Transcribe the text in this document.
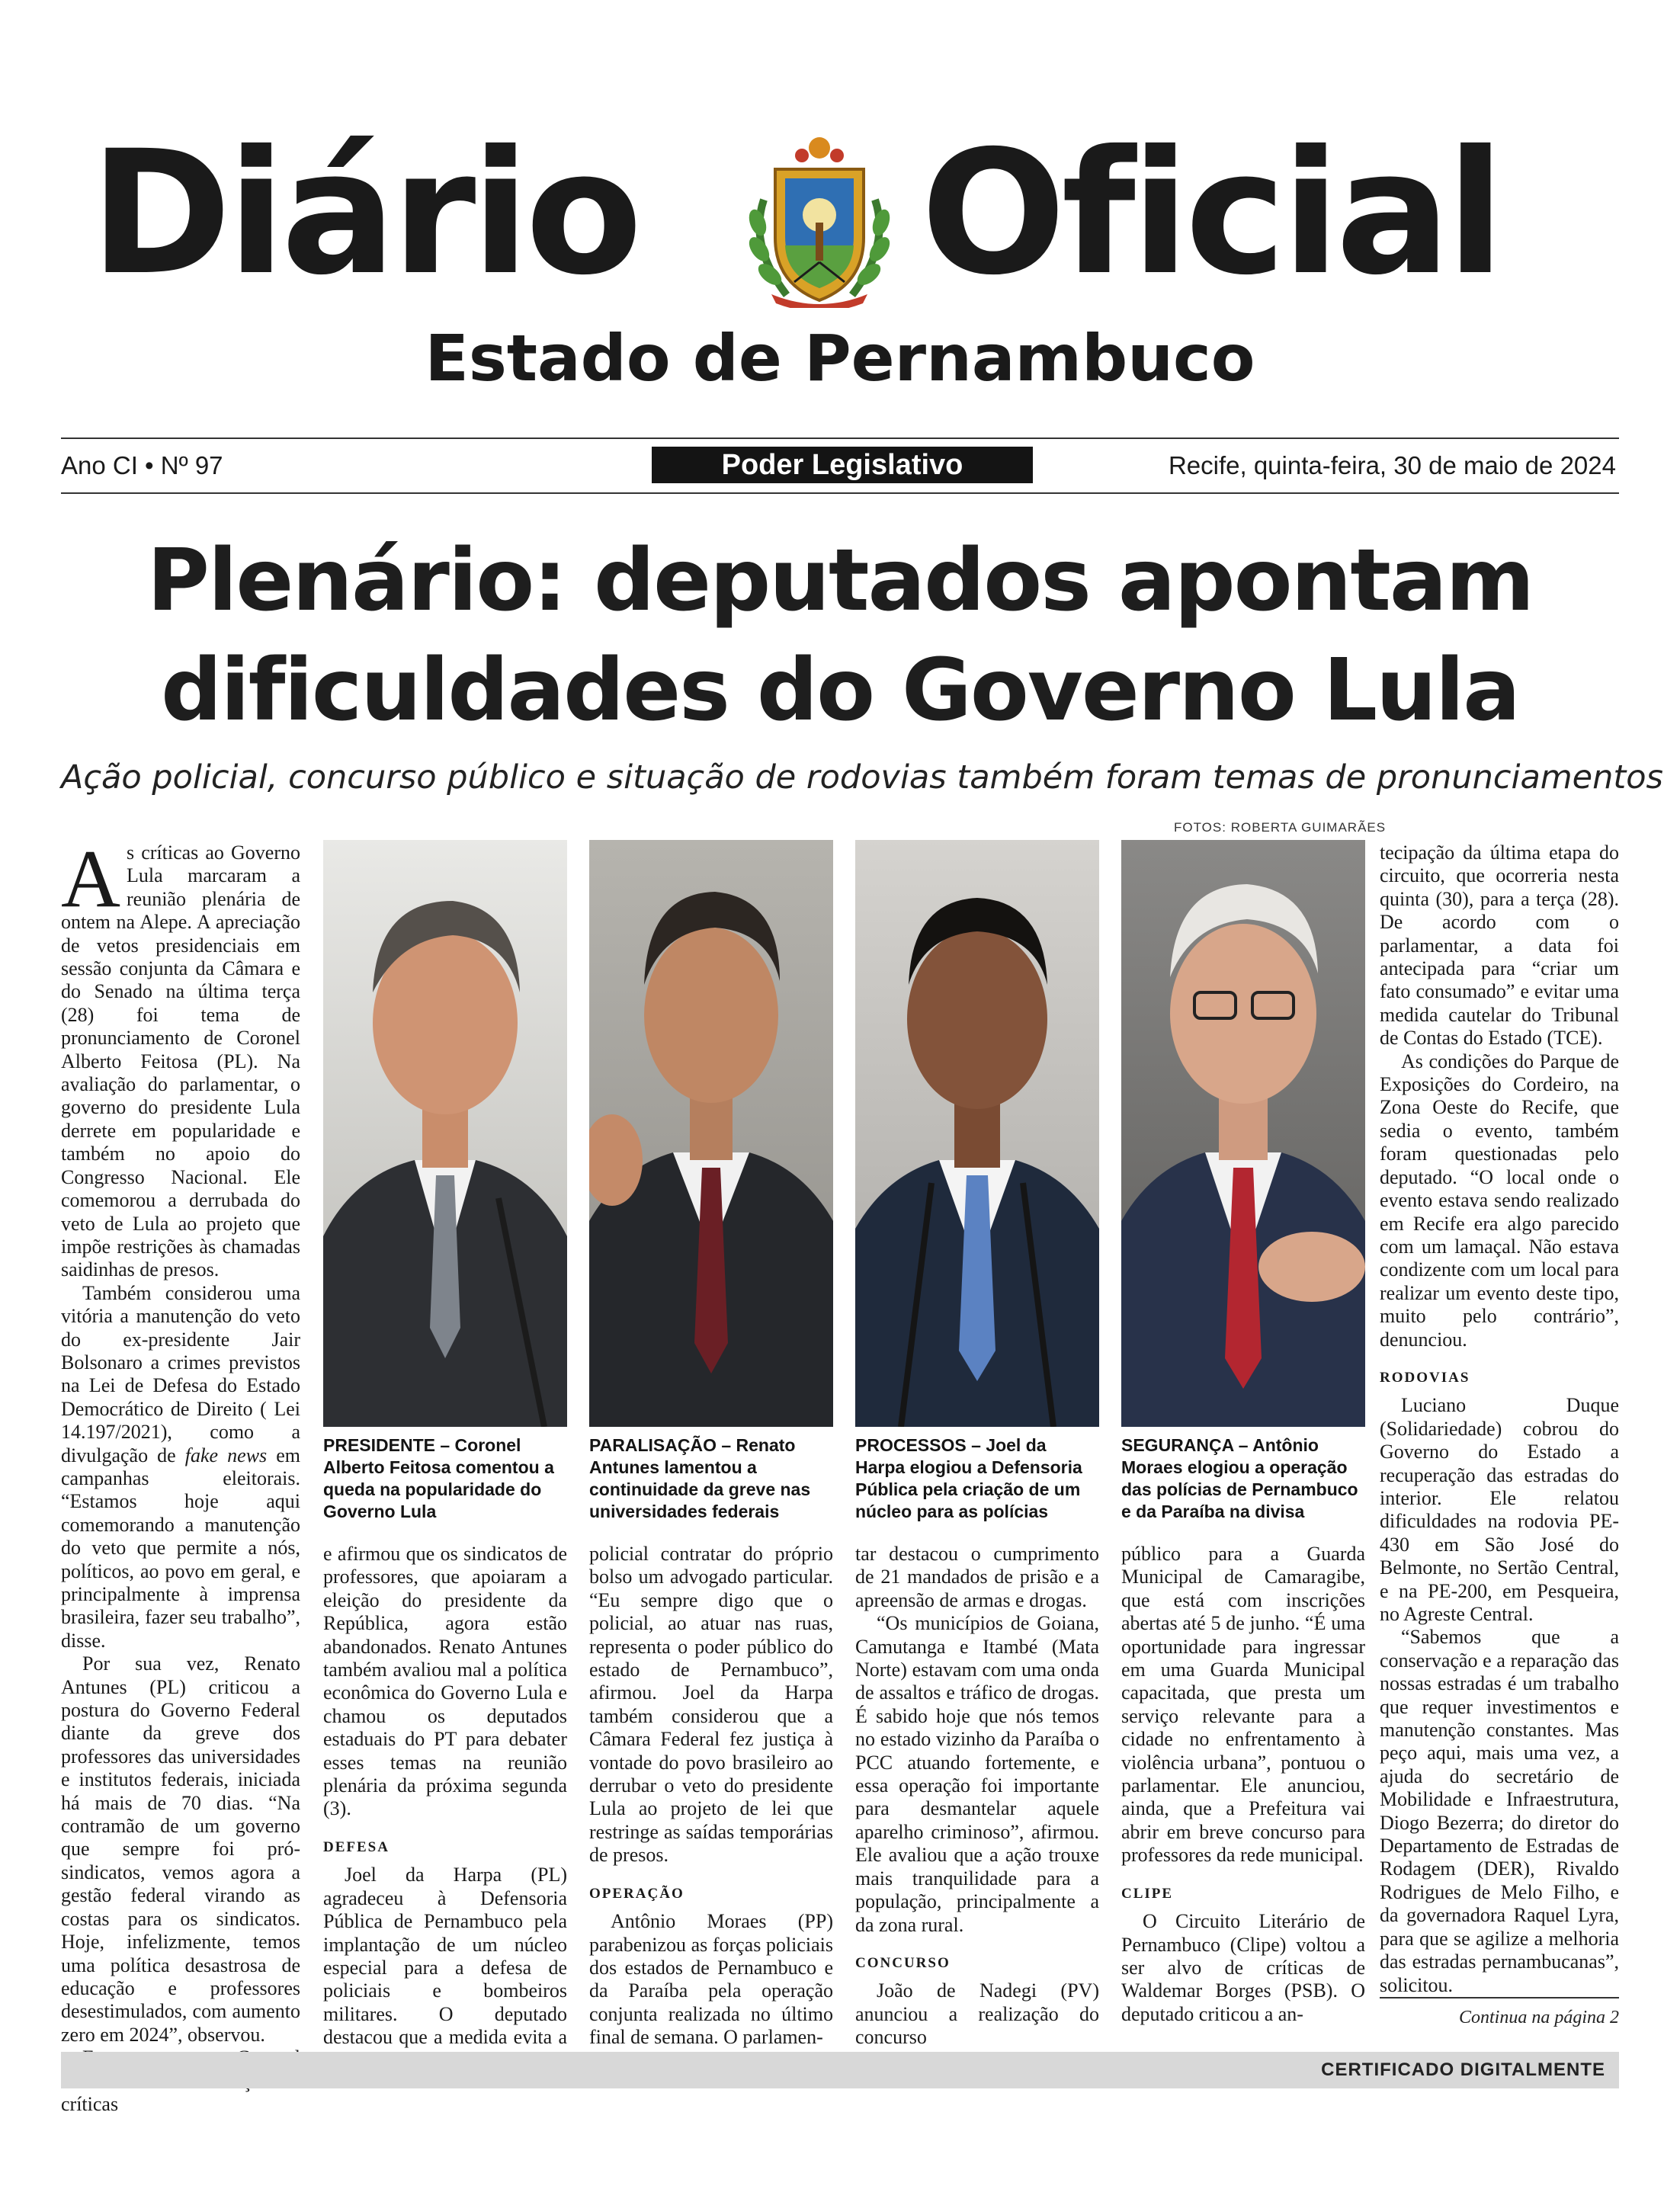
Diário Oficial
Estado de Pernambuco
Ano CI • Nº 97	Poder Legislativo	Recife, quinta-feira, 30 de maio de 2024
Plenário: deputados apontam
dificuldades do Governo Lula
Ação policial, concurso público e situação de rodovias também foram temas de pronunciamentos
FOTOS: ROBERTA GUIMARÃES

As críticas ao Governo Lula marcaram a reunião plenária de ontem na Alepe. A apreciação de vetos presidenciais em sessão conjunta da Câmara e do Senado na última terça (28) foi tema de pronunciamento de Coronel Alberto Feitosa (PL). Na avaliação do parlamentar, o governo do presidente Lula derrete em popularidade e também no apoio do Congresso Nacional. Ele comemorou a derrubada do veto de Lula ao projeto que impõe restrições às chamadas saidinhas de presos.

Também considerou uma vitória a manutenção do veto do ex-presidente Jair Bolsonaro a crimes previstos na Lei de Defesa do Estado Democrático de Direito ( Lei 14.197/2021), como a divulgação de fake news em campanhas eleitorais. “Estamos hoje aqui comemorando a manutenção do veto que permite a nós, políticos, ao povo em geral, e principalmente à imprensa brasileira, fazer seu trabalho”, disse.

Por sua vez, Renato Antunes (PL) criticou a postura do Governo Federal diante da greve dos professores das universidades e institutos federais, iniciada há mais de 70 dias. “Na contramão de um governo que sempre foi pró-sindicatos, vemos agora a gestão federal virando as costas para os sindicatos. Hoje, infelizmente, temos uma política desastrosa de educação e professores desestimulados, com aumento zero em 2024”, observou.

críticas

PRESIDENTE – Coronel Alberto Feitosa comentou a queda na popularidade do Governo Lula
PARALISAÇÃO – Renato Antunes lamentou a continuidade da greve nas universidades federais
PROCESSOS – Joel da Harpa elogiou a Defensoria Pública pela criação de um núcleo para as polícias
SEGURANÇA – Antônio Moraes elogiou a operação das polícias de Pernambuco e da Paraíba na divisa

e afirmou que os sindicatos de professores, que apoiaram a eleição do presidente da República, agora estão abandonados. Renato Antunes também avaliou mal a política econômica do Governo Lula e chamou os deputados estaduais do PT para debater esses temas na reunião plenária da próxima segunda (3).

DEFESA

Joel da Harpa (PL) agradeceu à Defensoria Pública de Pernambuco pela implantação de um núcleo especial para a defesa de policiais e bombeiros militares. O deputado destacou que a medida evita a

policial contratar do próprio bolso um advogado particular. “Eu sempre digo que o policial, ao atuar nas ruas, representa o poder público do estado de Pernambuco”, afirmou. Joel da Harpa também considerou que a Câmara Federal fez justiça à vontade do povo brasileiro ao derrubar o veto do presidente Lula ao projeto de lei que restringe as saídas temporárias de presos.

OPERAÇÃO

Antônio Moraes (PP) parabenizou as forças policiais dos estados de Pernambuco e da Paraíba pela operação conjunta realizada no último final de semana. O parlamen-

tar destacou o cumprimento de 21 mandados de prisão e a apreensão de armas e drogas.

“Os municípios de Goiana, Camutanga e Itambé (Mata Norte) estavam com uma onda de assaltos e tráfico de drogas. É sabido hoje que nós temos no estado vizinho da Paraíba o PCC atuando fortemente, e essa operação foi importante para desmantelar aquele aparelho criminoso”, afirmou. Ele avaliou que a ação trouxe mais tranquilidade para a população, principalmente a da zona rural.

CONCURSO

João de Nadegi (PV) anunciou a realização do concurso

público para a Guarda Municipal de Camaragibe, que está com inscrições abertas até 5 de junho. “É uma oportunidade para ingressar em uma Guarda Municipal capacitada, que presta um serviço relevante para a cidade no enfrentamento à violência urbana”, pontuou o parlamentar. Ele anunciou, ainda, que a Prefeitura vai abrir em breve concurso para professores da rede municipal.

CLIPE

O Circuito Literário de Pernambuco (Clipe) voltou a ser alvo de críticas de Waldemar Borges (PSB). O deputado criticou a an-

tecipação da última etapa do circuito, que ocorreria nesta quinta (30), para a terça (28). De acordo com o parlamentar, a data foi antecipada para “criar um fato consumado” e evitar uma medida cautelar do Tribunal de Contas do Estado (TCE).

As condições do Parque de Exposições do Cordeiro, na Zona Oeste do Recife, que sedia o evento, também foram questionadas pelo deputado. “O local onde o evento estava sendo realizado em Recife era algo parecido com um lamaçal. Não estava condizente com um local para realizar um evento deste tipo, muito pelo contrário”, denunciou.

RODOVIAS

Luciano Duque (Solidariedade) cobrou do Governo do Estado a recuperação das estradas do interior. Ele relatou dificuldades na rodovia PE-430 em São José do Belmonte, no Sertão Central, e na PE-200, em Pesqueira, no Agreste Central.

“Sabemos que a conservação e a reparação das nossas estradas é um trabalho que requer investimentos e manutenção constantes. Mas peço aqui, mais uma vez, a ajuda do secretário de Mobilidade e Infraestrutura, Diogo Bezerra; do diretor do Departamento de Estradas de Rodagem (DER), Rivaldo Rodrigues de Melo Filho, e da governadora Raquel Lyra, para que se agilize a melhoria das estradas pernambucanas”, solicitou.

Continua na página 2
CERTIFICADO DIGITALMENTE
